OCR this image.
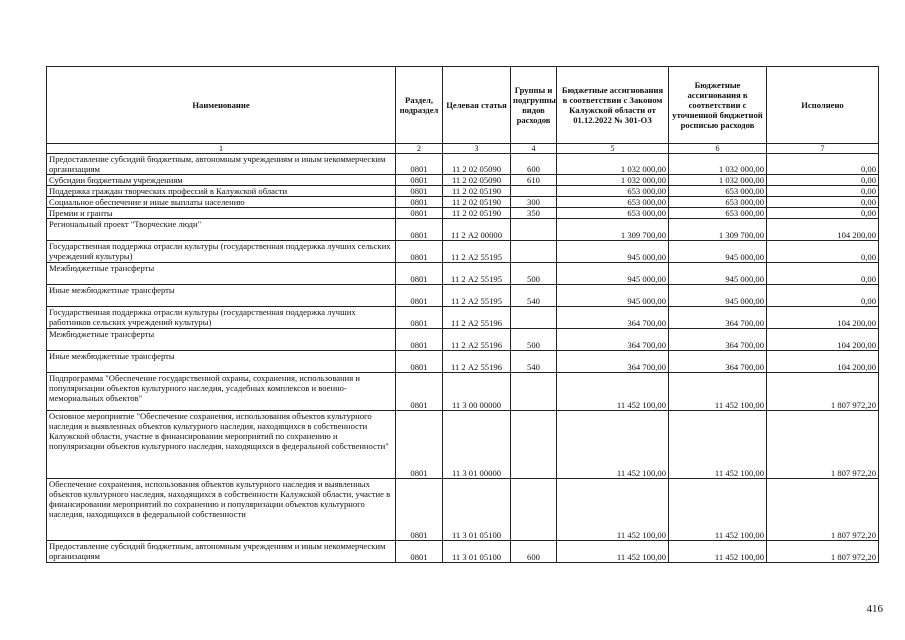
Наименование	Раздел, подраздел	Целевая статья	Группы и подгруппы видов расходов	Бюджетные ассигнования в соответствии с Законом Калужской области от 01.12.2022 № 301-ОЗ	Бюджетные ассигнования в соответствии с уточненной бюджетной росписью расходов	Исполнено
1	2	3	4	5	6	7
Предоставление субсидий бюджетным, автономным учреждениям и иным некоммерческим организациям	0801	11 2 02 05090	600	1 032 000,00	1 032 000,00	0,00
Субсидии бюджетным учреждениям	0801	11 2 02 05090	610	1 032 000,00	1 032 000,00	0,00
Поддержка граждан творческих профессий в Калужской области	0801	11 2 02 05190		653 000,00	653 000,00	0,00
Социальное обеспечение и иные выплаты населению	0801	11 2 02 05190	300	653 000,00	653 000,00	0,00
Премии и гранты	0801	11 2 02 05190	350	653 000,00	653 000,00	0,00
Региональный проект "Творческие люди"	0801	11 2 А2 00000		1 309 700,00	1 309 700,00	104 200,00
Государственная поддержка отрасли культуры (государственная поддержка лучших сельских учреждений культуры)	0801	11 2 А2 55195		945 000,00	945 000,00	0,00
Межбюджетные трансферты	0801	11 2 А2 55195	500	945 000,00	945 000,00	0,00
Иные межбюджетные трансферты	0801	11 2 А2 55195	540	945 000,00	945 000,00	0,00
Государственная поддержка отрасли культуры (государственная поддержка лучших работников сельских учреждений культуры)	0801	11 2 А2 55196		364 700,00	364 700,00	104 200,00
Межбюджетные трансферты	0801	11 2 А2 55196	500	364 700,00	364 700,00	104 200,00
Иные межбюджетные трансферты	0801	11 2 А2 55196	540	364 700,00	364 700,00	104 200,00
Подпрограмма "Обеспечение государственной охраны, сохранения, использования и популяризации объектов культурного наследия, усадебных комплексов и военно-мемориальных объектов"	0801	11 3 00 00000		11 452 100,00	11 452 100,00	1 807 972,20
Основное мероприятие "Обеспечение сохранения, использования объектов культурного наследия и выявленных объектов культурного наследия, находящихся в собственности Калужской области, участие в финансировании мероприятий по сохранению и популяризации объектов культурного наследия, находящихся в федеральной собственности"	0801	11 3 01 00000		11 452 100,00	11 452 100,00	1 807 972,20
Обеспечение сохранения, использования объектов культурного наследия и выявленных объектов культурного наследия, находящихся в собственности Калужской области, участие в финансировании мероприятий по сохранению и популяризации объектов культурного наследия, находящихся в федеральной собственности	0801	11 3 01 05100		11 452 100,00	11 452 100,00	1 807 972,20
Предоставление субсидий бюджетным, автономным учреждениям и иным некоммерческим организациям	0801	11 3 01 05100	600	11 452 100,00	11 452 100,00	1 807 972,20
416
